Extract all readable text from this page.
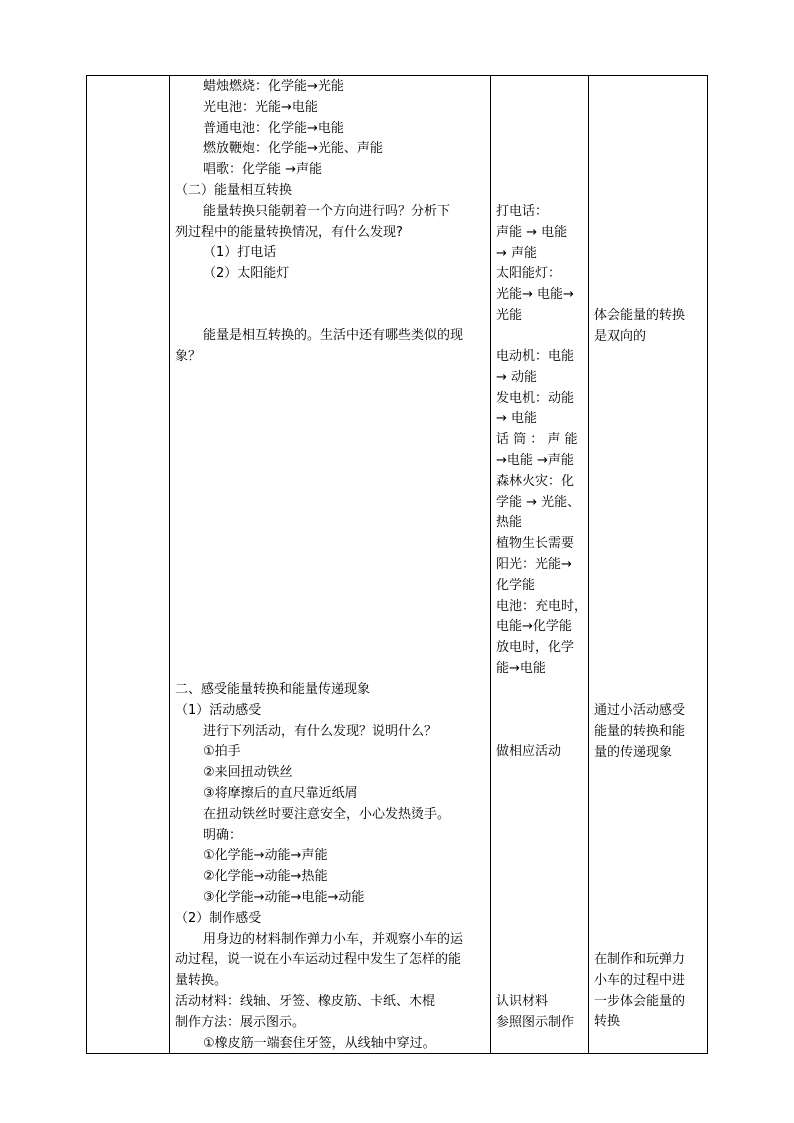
蜡烛燃烧：化学能→光能
光电池：光能→电能
普通电池：化学能→电能
燃放鞭炮：化学能→光能、声能
唱歌：化学能 →声能
（二）能量相互转换
能量转换只能朝着一个方向进行吗？分析下
列过程中的能量转换情况，有什么发现?
（1）打电话
（2）太阳能灯
能量是相互转换的。生活中还有哪些类似的现
象？
二、感受能量转换和能量传递现象
（1）活动感受
进行下列活动，有什么发现？说明什么？
①拍手
②来回扭动铁丝
③将摩擦后的直尺靠近纸屑
在扭动铁丝时要注意安全，小心发热烫手。
明确：
①化学能→动能→声能
②化学能→动能→热能
③化学能→动能→电能→动能
（2）制作感受
用身边的材料制作弹力小车，并观察小车的运
动过程，说一说在小车运动过程中发生了怎样的能
量转换。
活动材料：线轴、牙签、橡皮筋、卡纸、木棍
制作方法：展示图示。
①橡皮筋一端套住牙签，从线轴中穿过。
打电话：
声能 → 电能
→ 声能
太阳能灯：
光能→ 电能→
光能
电动机：电能
→ 动能
发电机：动能
→ 电能
话 筒 ： 声 能
→电能 →声能
森林火灾：化
学能 → 光能、
热能
植物生长需要
阳光：光能→
化学能
电池：充电时，
电能→化学能
放电时，化学
能→电能
做相应活动
认识材料
参照图示制作
体会能量的转换
是双向的
通过小活动感受
能量的转换和能
量的传递现象
在制作和玩弹力
小车的过程中进
一步体会能量的
转换
